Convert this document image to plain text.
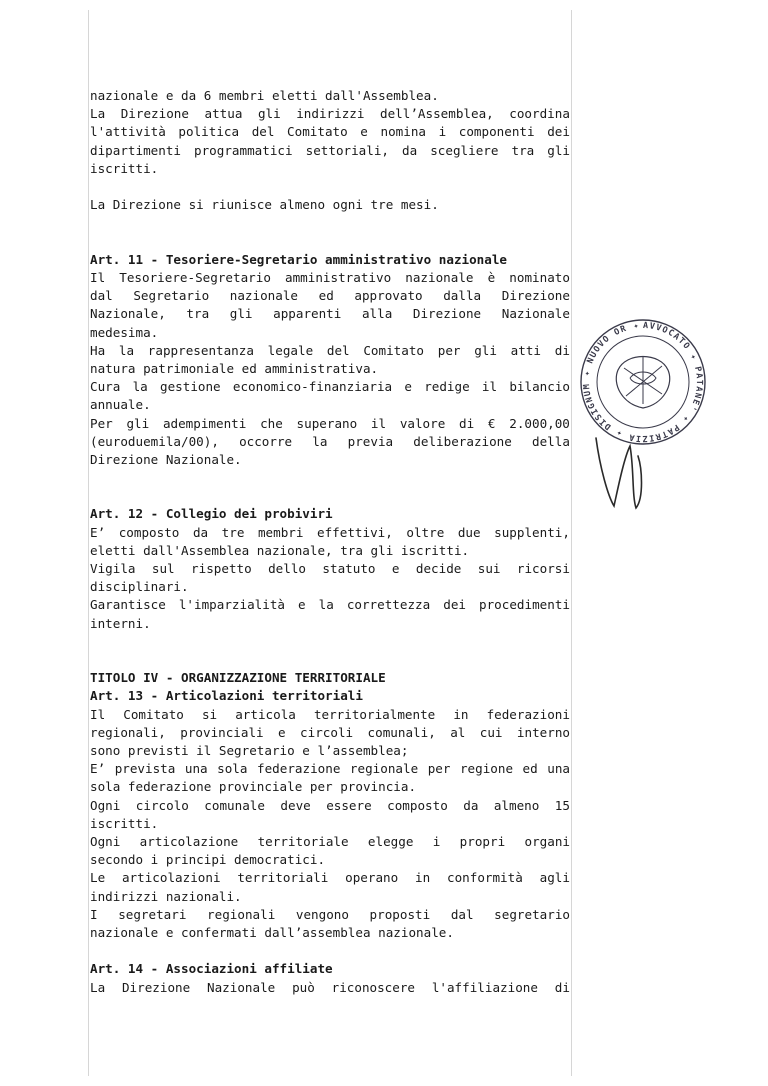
nazionale e da 6 membri eletti dall'Assemblea.
La Direzione attua gli indirizzi dell’Assemblea, coordina
l'attività politica del Comitato e nomina i componenti dei
dipartimenti programmatici settoriali, da scegliere tra gli
iscritti.
La Direzione si riunisce almeno ogni tre mesi.
Art. 11 - Tesoriere-Segretario amministrativo nazionale
Il Tesoriere-Segretario amministrativo nazionale è nominato
dal Segretario nazionale ed approvato dalla Direzione
Nazionale, tra gli apparenti alla Direzione Nazionale
medesima.
Ha la rappresentanza legale del Comitato per gli atti di
natura patrimoniale ed amministrativa.
Cura la gestione economico-finanziaria e redige il bilancio
annuale.
Per gli adempimenti che superano il valore di € 2.000,00
(euroduemila/00), occorre la previa deliberazione della
Direzione Nazionale.
Art. 12 - Collegio dei probiviri
E’ composto da tre membri effettivi, oltre due supplenti,
eletti dall'Assemblea nazionale, tra gli iscritti.
Vigila sul rispetto dello statuto e decide sui ricorsi
disciplinari.
Garantisce l'imparzialità e la correttezza dei procedimenti
interni.
TITOLO IV - ORGANIZZAZIONE TERRITORIALE
Art. 13 - Articolazioni territoriali
Il Comitato si articola territorialmente in federazioni
regionali, provinciali e circoli comunali, al cui interno
sono previsti il Segretario e l’assemblea;
E’ prevista una sola federazione regionale per regione ed una
sola federazione provinciale per provincia.
Ogni circolo comunale deve essere composto da almeno 15
iscritti.
Ogni articolazione territoriale elegge i propri organi
secondo i principi democratici.
Le articolazioni territoriali operano in conformità agli
indirizzi nazionali.
I segretari regionali vengono proposti dal segretario
nazionale e confermati dall’assemblea nazionale.
Art. 14 - Associazioni affiliate
La Direzione Nazionale può riconoscere l'affiliazione di
AVVOCATO ✦ PATANE' ✦ PATRIZIA ✦ DISIGNUM ✦ NUOVO OR ✦
